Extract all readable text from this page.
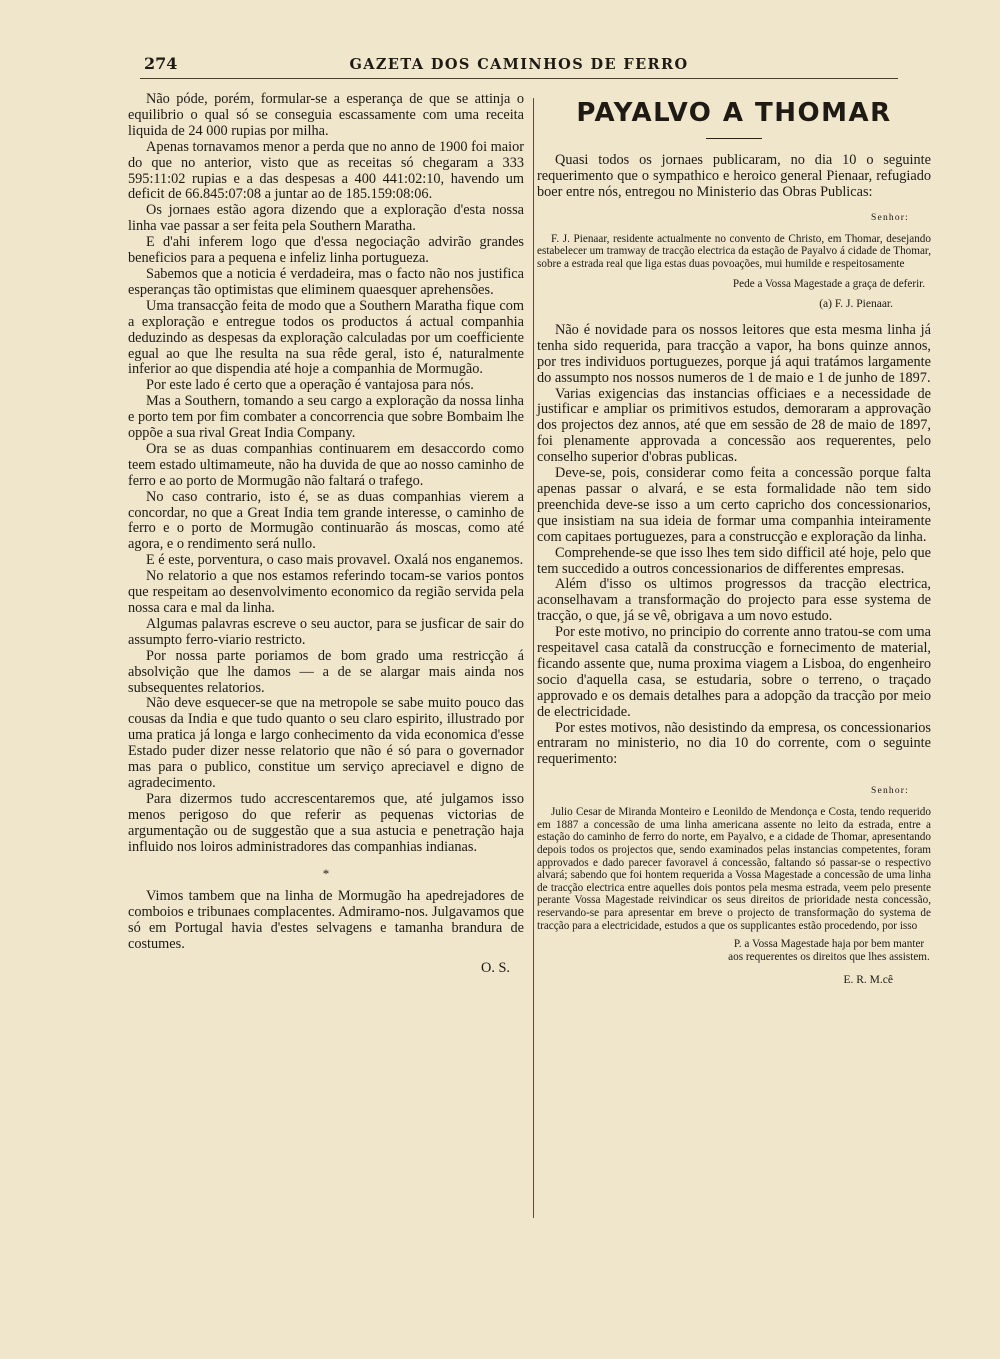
274	GAZETA DOS CAMINHOS DE FERRO

Não póde, porém, formular-se a esperança de que se attinja o equilibrio o qual só se conseguia escassamente com uma receita liquida de 24 000 rupias por milha.

Apenas tornavamos menor a perda que no anno de 1900 foi maior do que no anterior, visto que as receitas só chegaram a 333 595:11:02 rupias e a das despesas a 400 441:02:10, havendo um deficit de 66.845:07:08 a juntar ao de 185.159:08:06.

Os jornaes estão agora dizendo que a exploração d'esta nossa linha vae passar a ser feita pela Southern Maratha.

E d'ahi inferem logo que d'essa negociação advirão grandes beneficios para a pequena e infeliz linha portugueza.

Sabemos que a noticia é verdadeira, mas o facto não nos justifica esperanças tão optimistas que eliminem quaesquer aprehensões.

Uma transacção feita de modo que a Southern Maratha fique com a exploração e entregue todos os productos á actual companhia deduzindo as despesas da exploração calculadas por um coefficiente egual ao que lhe resulta na sua rêde geral, isto é, naturalmente inferior ao que dispendia até hoje a companhia de Mormugão.

Por este lado é certo que a operação é vantajosa para nós.

Mas a Southern, tomando a seu cargo a exploração da nossa linha e porto tem por fim combater a concorrencia que sobre Bombaim lhe oppõe a sua rival Great India Company.

Ora se as duas companhias continuarem em desaccordo como teem estado ultimameute, não ha duvida de que ao nosso caminho de ferro e ao porto de Mormugão não faltará o trafego.

No caso contrario, isto é, se as duas companhias vierem a concordar, no que a Great India tem grande interesse, o caminho de ferro e o porto de Mormugão continuarão ás moscas, como até agora, e o rendimento será nullo.

E é este, porventura, o caso mais provavel. Oxalá nos enganemos.

No relatorio a que nos estamos referindo tocam-se varios pontos que respeitam ao desenvolvimento economico da região servida pela nossa cara e mal da linha.

Algumas palavras escreve o seu auctor, para se jusficar de sair do assumpto ferro-viario restricto.

Por nossa parte poriamos de bom grado uma restricção á absolvição que lhe damos — a de se alargar mais ainda nos subsequentes relatorios.

Não deve esquecer-se que na metropole se sabe muito pouco das cousas da India e que tudo quanto o seu claro espirito, illustrado por uma pratica já longa e largo conhecimento da vida economica d'esse Estado puder dizer nesse relatorio que não é só para o governador mas para o publico, constitue um serviço apreciavel e digno de agradecimento.

Para dizermos tudo accrescentaremos que, até julgamos isso menos perigoso do que referir as pequenas victorias de argumentação ou de suggestão que a sua astucia e penetração haja influido nos loiros administradores das companhias indianas.

*

Vimos tambem que na linha de Mormugão ha apedrejadores de comboios e tribunaes complacentes. Admiramo-nos. Julgavamos que só em Portugal havia d'estes selvagens e tamanha brandura de costumes.

O. S.
PAYALVO A THOMAR

Quasi todos os jornaes publicaram, no dia 10 o seguinte requerimento que o sympathico e heroico general Pienaar, refugiado boer entre nós, entregou no Ministerio das Obras Publicas:

Senhor:

F. J. Pienaar, residente actualmente no convento de Christo, em Thomar, desejando estabelecer um tramway de tracção electrica da estação de Payalvo á cidade de Thomar, sobre a estrada real que liga estas duas povoações, mui humilde e respeitosamente

Pede a Vossa Magestade a graça de deferir.
(a) F. J. Pienaar.

Não é novidade para os nossos leitores que esta mesma linha já tenha sido requerida, para tracção a vapor, ha bons quinze annos, por tres individuos portuguezes, porque já aqui tratámos largamente do assumpto nos nossos numeros de 1 de maio e 1 de junho de 1897.

Varias exigencias das instancias officiaes e a necessidade de justificar e ampliar os primitivos estudos, demoraram a approvação dos projectos dez annos, até que em sessão de 28 de maio de 1897, foi plenamente approvada a concessão aos requerentes, pelo conselho superior d'obras publicas.

Deve-se, pois, considerar como feita a concessão porque falta apenas passar o alvará, e se esta formalidade não tem sido preenchida deve-se isso a um certo capricho dos concessionarios, que insistiam na sua ideia de formar uma companhia inteiramente com capitaes portuguezes, para a construcção e exploração da linha.

Comprehende-se que isso lhes tem sido difficil até hoje, pelo que tem succedido a outros concessionarios de differentes empresas.

Além d'isso os ultimos progressos da tracção electrica, aconselhavam a transformação do projecto para esse systema de tracção, o que, já se vê, obrigava a um novo estudo.

Por este motivo, no principio do corrente anno tratou-se com uma respeitavel casa catalã da construcção e fornecimento de material, ficando assente que, numa proxima viagem a Lisboa, do engenheiro socio d'aquella casa, se estudaria, sobre o terreno, o traçado approvado e os demais detalhes para a adopção da tracção por meio de electricidade.

Por estes motivos, não desistindo da empresa, os concessionarios entraram no ministerio, no dia 10 do corrente, com o seguinte requerimento:

Senhor:

Julio Cesar de Miranda Monteiro e Leonildo de Mendonça e Costa, tendo requerido em 1887 a concessão de uma linha americana assente no leito da estrada, entre a estação do caminho de ferro do norte, em Payalvo, e a cidade de Thomar, apresentando depois todos os projectos que, sendo examinados pelas instancias competentes, foram approvados e dado parecer favoravel á concessão, faltando só passar-se o respectivo alvará; sabendo que foi hontem requerida a Vossa Magestade a concessão de uma linha de tracção electrica entre aquelles dois pontos pela mesma estrada, veem pelo presente perante Vossa Magestade reivindicar os seus direitos de prioridade nesta concessão, reservando-se para apresentar em breve o projecto de transformação do systema de tracção para a electricidade, estudos a que os supplicantes estão procedendo, por isso

P. a Vossa Magestade haja por bem manter aos requerentes os direitos que lhes assistem.
E. R. M.cê
